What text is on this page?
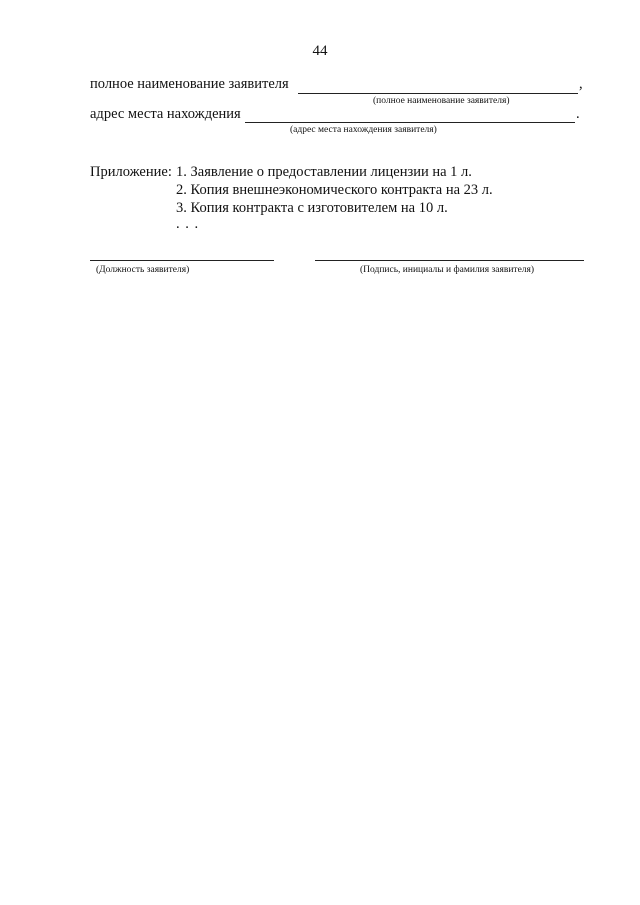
44
полное наименование заявителя	,
(полное наименование заявителя)
адрес места нахождения	.
(адрес места нахождения заявителя)
Приложение: 1. Заявление о предоставлении лицензии на 1 л.
2. Копия внешнеэкономического контракта на 23 л.
3. Копия контракта с изготовителем на 10 л.
. . .
(Должность заявителя)	(Подпись, инициалы и фамилия заявителя)
